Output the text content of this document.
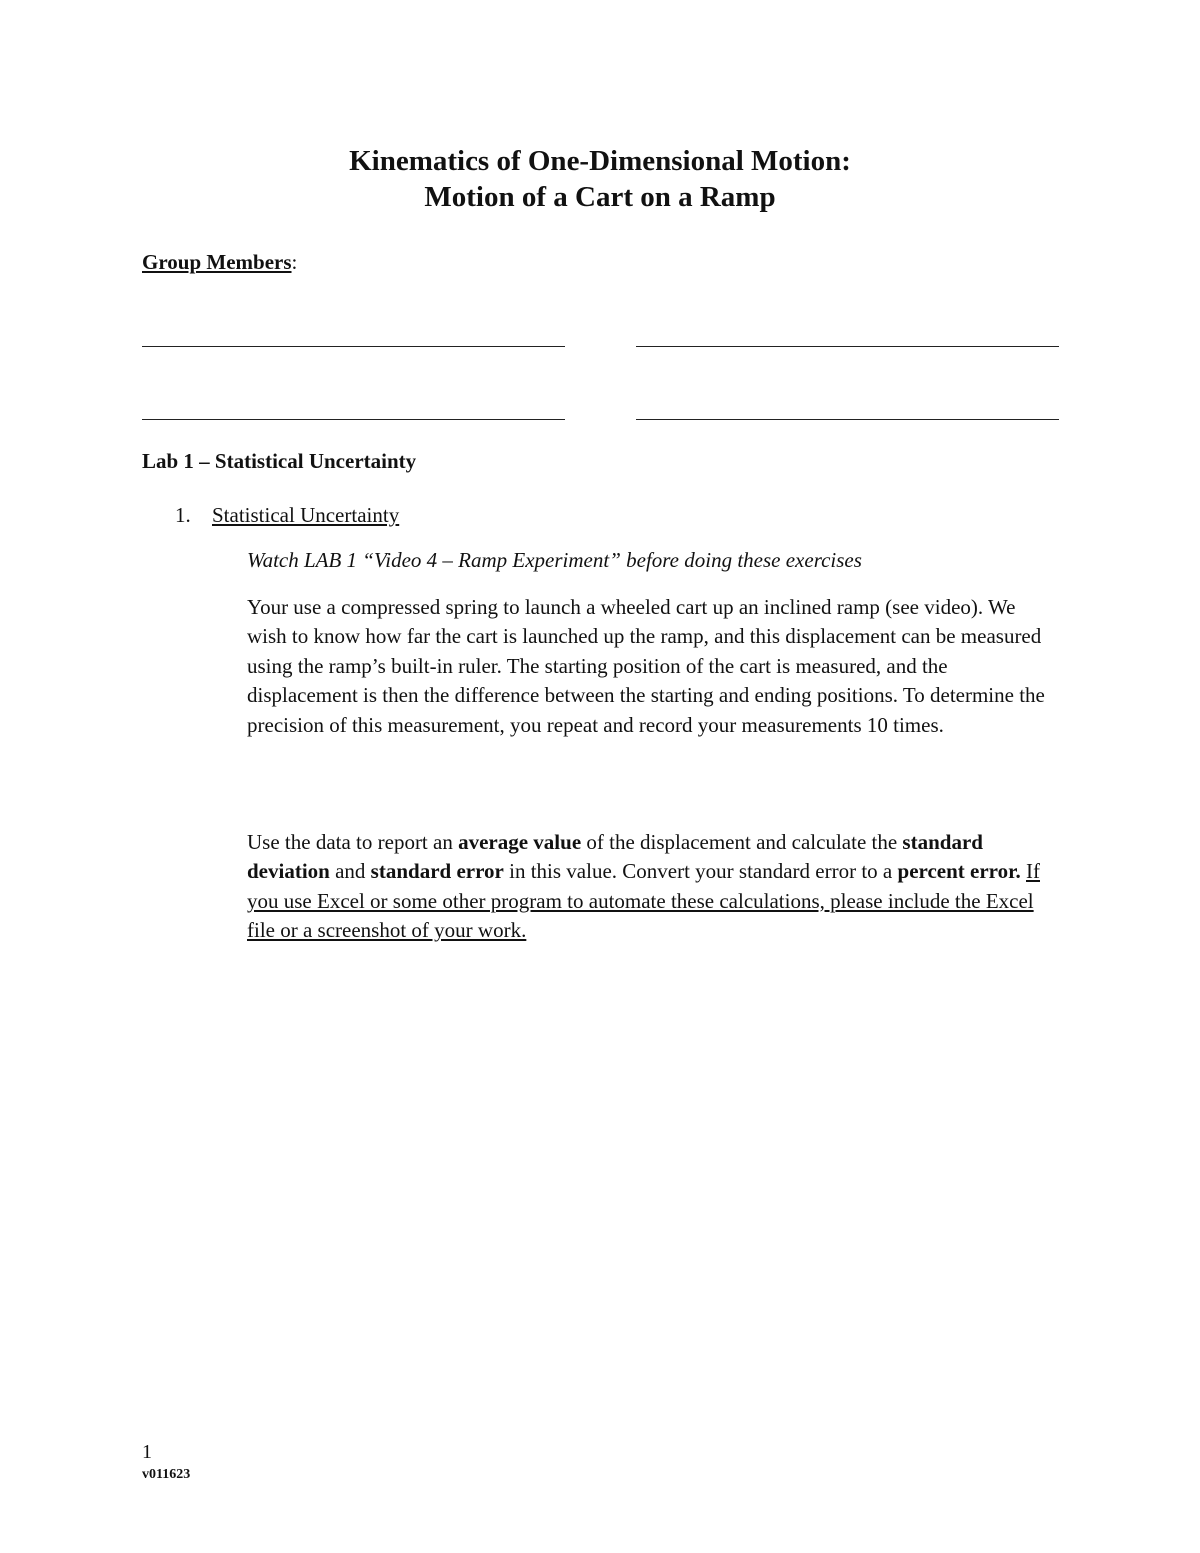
Kinematics of One-Dimensional Motion:
Motion of a Cart on a Ramp

Group Members:

Lab 1 – Statistical Uncertainty
1. Statistical Uncertainty

Watch LAB 1 “Video 4 – Ramp Experiment” before doing these exercises

Your use a compressed spring to launch a wheeled cart up an inclined ramp (see video). We wish to know how far the cart is launched up the ramp, and this displacement can be measured using the ramp’s built-in ruler. The starting position of the cart is measured, and the displacement is then the difference between the starting and ending positions. To determine the precision of this measurement, you repeat and record your measurements 10 times.

Use the data to report an average value of the displacement and calculate the standard deviation and standard error in this value. Convert your standard error to a percent error. If you use Excel or some other program to automate these calculations, please include the Excel file or a screenshot of your work.

1
v011623
